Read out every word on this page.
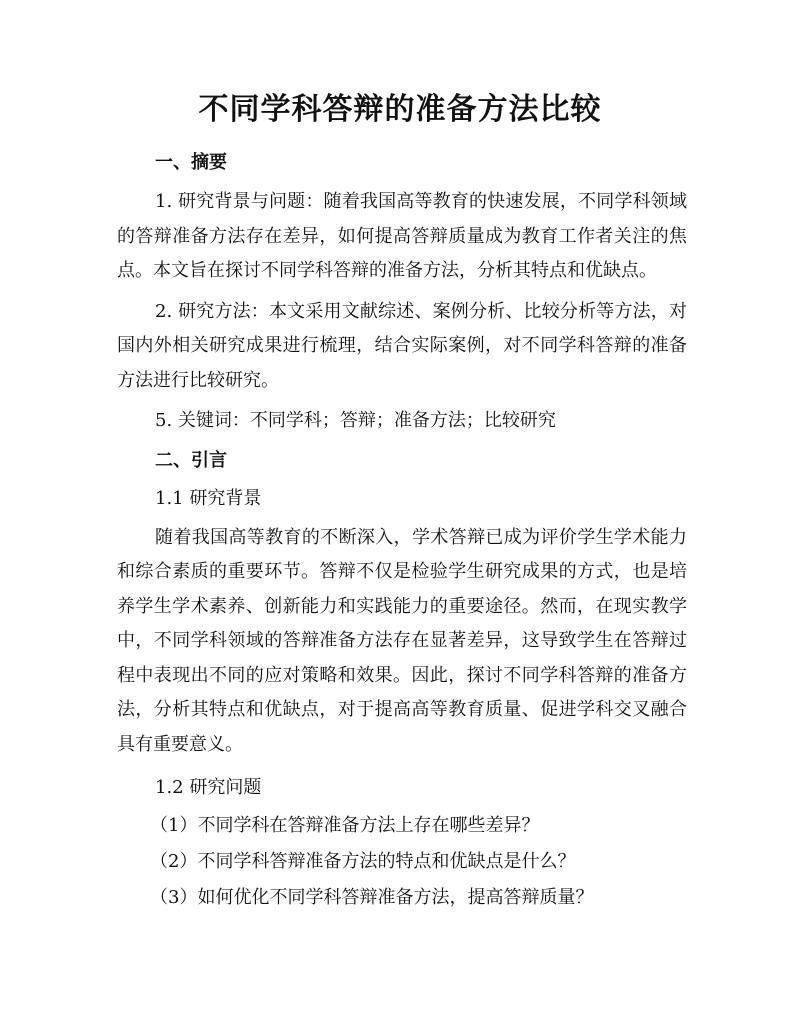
不同学科答辩的准备方法比较

一、摘要

1. 研究背景与问题：随着我国高等教育的快速发展，不同学科领域的答辩准备方法存在差异，如何提高答辩质量成为教育工作者关注的焦点。本文旨在探讨不同学科答辩的准备方法，分析其特点和优缺点。

2. 研究方法：本文采用文献综述、案例分析、比较分析等方法，对国内外相关研究成果进行梳理，结合实际案例，对不同学科答辩的准备方法进行比较研究。

5. 关键词：不同学科；答辩；准备方法；比较研究

二、引言

1.1 研究背景

随着我国高等教育的不断深入，学术答辩已成为评价学生学术能力和综合素质的重要环节。答辩不仅是检验学生研究成果的方式，也是培养学生学术素养、创新能力和实践能力的重要途径。然而，在现实教学中，不同学科领域的答辩准备方法存在显著差异，这导致学生在答辩过程中表现出不同的应对策略和效果。因此，探讨不同学科答辩的准备方法，分析其特点和优缺点，对于提高高等教育质量、促进学科交叉融合具有重要意义。

1.2 研究问题

（1）不同学科在答辩准备方法上存在哪些差异？

（2）不同学科答辩准备方法的特点和优缺点是什么？

（3）如何优化不同学科答辩准备方法，提高答辩质量？
